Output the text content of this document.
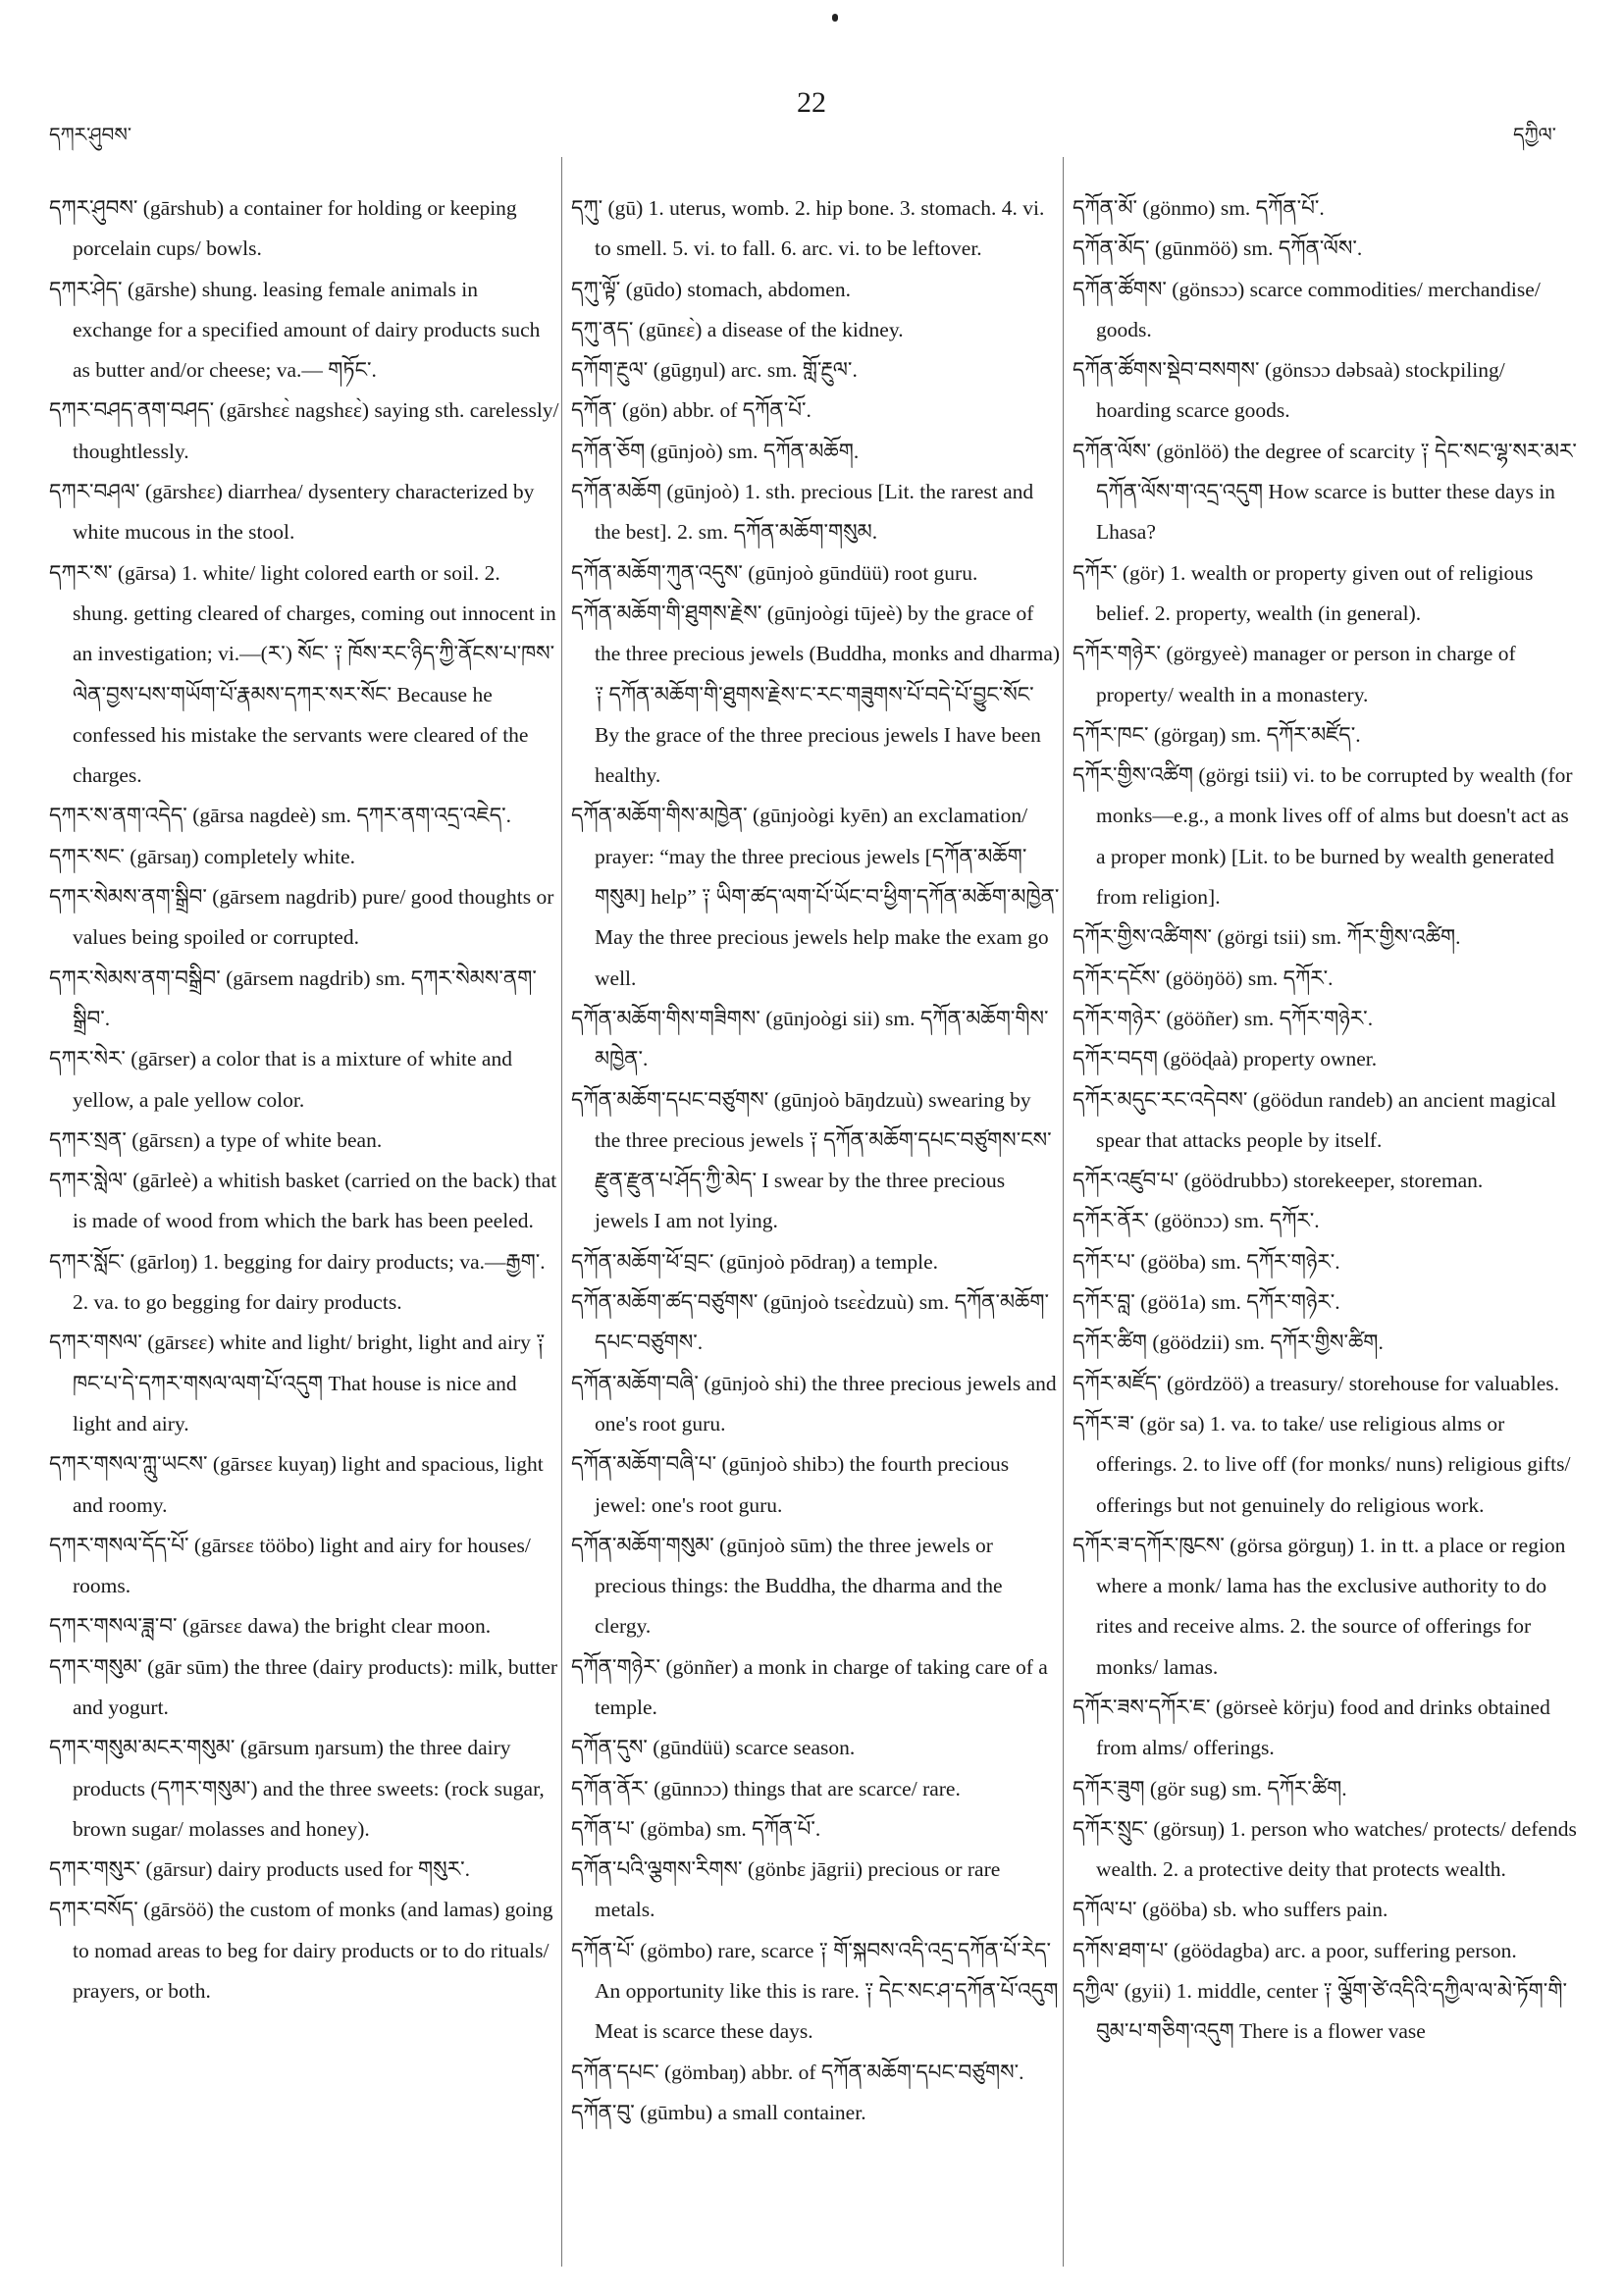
དཀར་ཤུབས་
22
དཀྱིལ་

དཀར་ཤུབས་ (gārshub) a container for holding or keeping porcelain cups/ bowls.

དཀར་ཤེད་ (gārshe) shung. leasing female animals in exchange for a specified amount of dairy products such as butter and/or cheese; va.— གཏོང་.

དཀར་བཤད་ནག་བཤད་ (gārshɛɛ̀ nagshɛɛ̀) saying sth. carelessly/ thoughtlessly.

དཀར་བཤལ་ (gārshɛɛ) diarrhea/ dysentery characterized by white mucous in the stool.

དཀར་ས་ (gārsa) 1. white/ light colored earth or soil. 2. shung. getting cleared of charges, coming out innocent in an investigation; vi.—(ར་) སོང་ ༑ ཁོས་རང་ཉིད་ཀྱི་ནོངས་པ་ཁས་ལེན་བྱས་པས་གཡོག་པོ་རྣམས་དཀར་སར་སོང་ Because he confessed his mistake the servants were cleared of the charges.

དཀར་ས་ནག་འདེད་ (gārsa nagdeè) sm. དཀར་ནག་འདྲ་འཇེད་.

དཀར་སང་ (gārsaŋ) completely white.

དཀར་སེམས་ནག་སྒྲིབ་ (gārsem nagdrib) pure/ good thoughts or values being spoiled or corrupted.

དཀར་སེམས་ནག་བསྒྲིབ་ (gārsem nagdrib) sm. དཀར་སེམས་ནག་སྒྲིབ་.

དཀར་སེར་ (gārser) a color that is a mixture of white and yellow, a pale yellow color.

དཀར་སྲན་ (gārsɛn) a type of white bean.

དཀར་སླེལ་ (gārleè) a whitish basket (carried on the back) that is made of wood from which the bark has been peeled.

དཀར་སློང་ (gārloŋ) 1. begging for dairy products; va.—རྒྱག་. 2. va. to go begging for dairy products.

དཀར་གསལ་ (gārsɛɛ) white and light/ bright, light and airy ༑ ཁང་པ་དེ་དཀར་གསལ་ལག་པོ་འདུག That house is nice and light and airy.

དཀར་གསལ་ཀླུ་ཡངས་ (gārsɛɛ kuyaŋ) light and spacious, light and roomy.

དཀར་གསལ་དོད་པོ་ (gārsɛɛ tööbo) light and airy for houses/ rooms.

དཀར་གསལ་ཟླ་བ་ (gārsɛɛ dawa) the bright clear moon.

དཀར་གསུམ་ (gār sūm) the three (dairy products): milk, butter and yogurt.

དཀར་གསུམ་མངར་གསུམ་ (gārsum ŋarsum) the three dairy products (དཀར་གསུམ་) and the three sweets: (rock sugar, brown sugar/ molasses and honey).

དཀར་གསུར་ (gārsur) dairy products used for གསུར་.

དཀར་བསོད་ (gārsöö) the custom of monks (and lamas) going to nomad areas to beg for dairy products or to do rituals/ prayers, or both.

དཀུ་ (gū) 1. uterus, womb. 2. hip bone. 3. stomach. 4. vi. to smell. 5. vi. to fall. 6. arc. vi. to be leftover.

དཀུ་ལྟོ་ (gūdo) stomach, abdomen.

དཀུ་ནད་ (gūnɛɛ̀) a disease of the kidney.

དཀོག་རྔུལ་ (gūgŋul) arc. sm. གློ་རྔུལ་.

དཀོན་ (gön) abbr. of དཀོན་པོ་.

དཀོན་ཅོག (gūnjoò) sm. དཀོན་མཆོག.

དཀོན་མཆོག (gūnjoò) 1. sth. precious [Lit. the rarest and the best]. 2. sm. དཀོན་མཆོག་གསུམ.

དཀོན་མཆོག་ཀུན་འདུས་ (gūnjoò gūndüü) root guru.

དཀོན་མཆོག་གི་ཐུགས་རྗེས་ (gūnjoògi tūjeè) by the grace of the three precious jewels (Buddha, monks and dharma) ༑ དཀོན་མཆོག་གི་ཐུགས་རྗེས་ང་རང་གཟུགས་པོ་བདེ་པོ་བྱུང་སོང་ By the grace of the three precious jewels I have been healthy.

དཀོན་མཆོག་གིས་མཁྱེན་ (gūnjoògi kyēn) an exclamation/ prayer: “may the three precious jewels [དཀོན་མཆོག་གསུམ] help” ༑ ཡིག་ཚད་ལག་པོ་ཡོང་བ་ཕྱིག་དཀོན་མཆོག་མཁྱེན་ May the three precious jewels help make the exam go well.

དཀོན་མཆོག་གིས་གཟིགས་ (gūnjoògi sii) sm. དཀོན་མཆོག་གིས་མཁྱེན་.

དཀོན་མཆོག་དཔང་བཙུགས་ (gūnjoò bāŋdzuù) swearing by the three precious jewels ༑ དཀོན་མཆོག་དཔང་བཙུགས་ངས་རྫུན་རྫུན་པ་ཤོད་ཀྱི་མེད་ I swear by the three precious jewels I am not lying.

དཀོན་མཆོག་ཕོ་བྲང་ (gūnjoò pōdraŋ) a temple.

དཀོན་མཆོག་ཚད་བཙུགས་ (gūnjoò tsɛɛ̀dzuù) sm. དཀོན་མཆོག་དཔང་བཙུགས་.

དཀོན་མཆོག་བཞི་ (gūnjoò shi) the three precious jewels and one's root guru.

དཀོན་མཆོག་བཞི་པ་ (gūnjoò shibɔ) the fourth precious jewel: one's root guru.

དཀོན་མཆོག་གསུམ་ (gūnjoò sūm) the three jewels or precious things: the Buddha, the dharma and the clergy.

དཀོན་གཉེར་ (gönñer) a monk in charge of taking care of a temple.

དཀོན་དུས་ (gūndüü) scarce season.

དཀོན་ནོར་ (gūnnɔɔ) things that are scarce/ rare.

དཀོན་པ་ (gömba) sm. དཀོན་པོ་.

དཀོན་པའི་ལྕགས་རིགས་ (gönbɛ jāgrii) precious or rare metals.

དཀོན་པོ་ (gömbo) rare, scarce ༑ གོ་སྐབས་འདི་འདྲ་དཀོན་པོ་རེད་ An opportunity like this is rare. ༑ དེང་སང་ཤ་དཀོན་པོ་འདུག Meat is scarce these days.

དཀོན་དཔང་ (gömbaŋ) abbr. of དཀོན་མཆོག་དཔང་བཙུགས་.

དཀོན་བུ་ (gūmbu) a small container.

དཀོན་མོ་ (gönmo) sm. དཀོན་པོ་.

དཀོན་མོད་ (gūnmöö) sm. དཀོན་ལོས་.

དཀོན་ཚོགས་ (gönsɔɔ) scarce commodities/ merchandise/ goods.

དཀོན་ཚོགས་སྡེབ་བསགས་ (gönsɔɔ dəbsaà) stockpiling/ hoarding scarce goods.

དཀོན་ལོས་ (gönlöö) the degree of scarcity ༑ དེང་སང་ལྷ་སར་མར་དཀོན་ལོས་ག་འདྲ་འདུག How scarce is butter these days in Lhasa?

དཀོར་ (gör) 1. wealth or property given out of religious belief. 2. property, wealth (in general).

དཀོར་གཉེར་ (görgyeè) manager or person in charge of property/ wealth in a monastery.

དཀོར་ཁང་ (görgaŋ) sm. དཀོར་མཛོད་.

དཀོར་གྱིས་འཚིག (görgi tsii) vi. to be corrupted by wealth (for monks—e.g., a monk lives off of alms but doesn't act as a proper monk) [Lit. to be burned by wealth generated from religion].

དཀོར་གྱིས་འཚིགས་ (görgi tsii) sm. ཀོར་གྱིས་འཚིག.

དཀོར་དངོས་ (gööŋöö) sm. དཀོར་.

དཀོར་གཉེར་ (gööñer) sm. དཀོར་གཉེར་.

དཀོར་བདག (gööɖaà) property owner.

དཀོར་མདུང་རང་འདེབས་ (göödun randeb) an ancient magical spear that attacks people by itself.

དཀོར་འཛུབ་པ་ (göödrubbɔ) storekeeper, storeman.

དཀོར་ནོར་ (göönɔɔ) sm. དཀོར་.

དཀོར་པ་ (gööba) sm. དཀོར་གཉེར་.

དཀོར་བླ་ (göö1a) sm. དཀོར་གཉེར་.

དཀོར་ཚིག (göödzii) sm. དཀོར་གྱིས་ཚིག.

དཀོར་མཛོད་ (gördzöö) a treasury/ storehouse for valuables.

དཀོར་ཟ་ (gör sa) 1. va. to take/ use religious alms or offerings. 2. to live off (for monks/ nuns) religious gifts/ offerings but not genuinely do religious work.

དཀོར་ཟ་དཀོར་ཁུངས་ (görsa görguŋ) 1. in tt. a place or region where a monk/ lama has the exclusive authority to do rites and receive alms. 2. the source of offerings for monks/ lamas.

དཀོར་ཟས་དཀོར་ཇ་ (görseè körju) food and drinks obtained from alms/ offerings.

དཀོར་ཟུག (gör sug) sm. དཀོར་ཚིག.

དཀོར་སྲུང་ (görsuŋ) 1. person who watches/ protects/ defends wealth. 2. a protective deity that protects wealth.

དཀོལ་པ་ (gööba) sb. who suffers pain.

དཀོས་ཐག་པ་ (göödagba) arc. a poor, suffering person.

དཀྱིལ་ (gyii) 1. middle, center ༑ ལྕོག་ཙེ་འདིའི་དཀྱིལ་ལ་མེ་ཏོག་གི་བུམ་པ་གཅིག་འདུག There is a flower vase
